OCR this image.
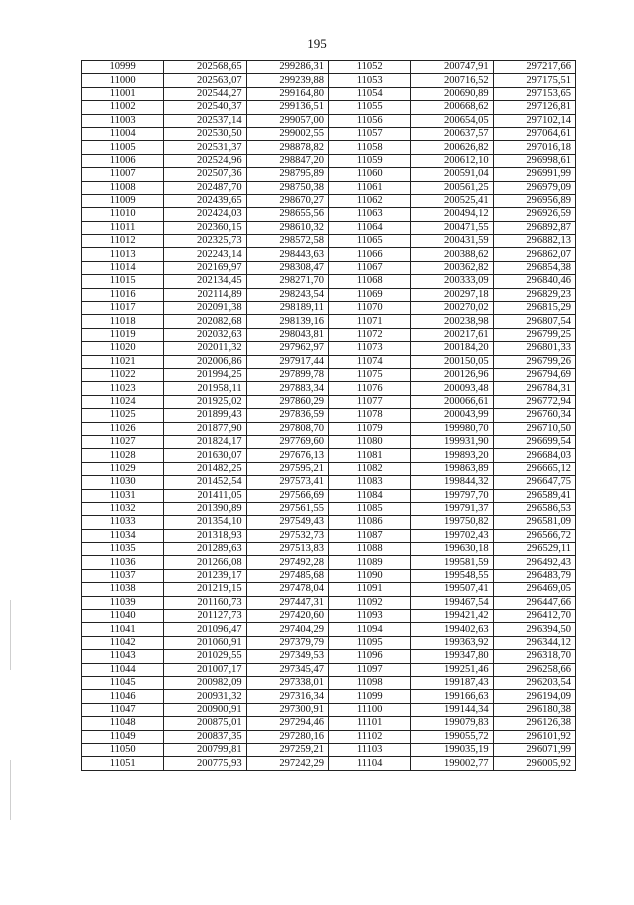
195
10999	202568,65	299286,31	11052	200747,91	297217,66
11000	202563,07	299239,88	11053	200716,52	297175,51
11001	202544,27	299164,80	11054	200690,89	297153,65
11002	202540,37	299136,51	11055	200668,62	297126,81
11003	202537,14	299057,00	11056	200654,05	297102,14
11004	202530,50	299002,55	11057	200637,57	297064,61
11005	202531,37	298878,82	11058	200626,82	297016,18
11006	202524,96	298847,20	11059	200612,10	296998,61
11007	202507,36	298795,89	11060	200591,04	296991,99
11008	202487,70	298750,38	11061	200561,25	296979,09
11009	202439,65	298670,27	11062	200525,41	296956,89
11010	202424,03	298655,56	11063	200494,12	296926,59
11011	202360,15	298610,32	11064	200471,55	296892,87
11012	202325,73	298572,58	11065	200431,59	296882,13
11013	202243,14	298443,63	11066	200388,62	296862,07
11014	202169,97	298308,47	11067	200362,82	296854,38
11015	202134,45	298271,70	11068	200333,09	296840,46
11016	202114,89	298243,54	11069	200297,18	296829,23
11017	202091,38	298189,11	11070	200270,02	296815,29
11018	202082,68	298139,16	11071	200238,98	296807,54
11019	202032,63	298043,81	11072	200217,61	296799,25
11020	202011,32	297962,97	11073	200184,20	296801,33
11021	202006,86	297917,44	11074	200150,05	296799,26
11022	201994,25	297899,78	11075	200126,96	296794,69
11023	201958,11	297883,34	11076	200093,48	296784,31
11024	201925,02	297860,29	11077	200066,61	296772,94
11025	201899,43	297836,59	11078	200043,99	296760,34
11026	201877,90	297808,70	11079	199980,70	296710,50
11027	201824,17	297769,60	11080	199931,90	296699,54
11028	201630,07	297676,13	11081	199893,20	296684,03
11029	201482,25	297595,21	11082	199863,89	296665,12
11030	201452,54	297573,41	11083	199844,32	296647,75
11031	201411,05	297566,69	11084	199797,70	296589,41
11032	201390,89	297561,55	11085	199791,37	296586,53
11033	201354,10	297549,43	11086	199750,82	296581,09
11034	201318,93	297532,73	11087	199702,43	296566,72
11035	201289,63	297513,83	11088	199630,18	296529,11
11036	201266,08	297492,28	11089	199581,59	296492,43
11037	201239,17	297485,68	11090	199548,55	296483,79
11038	201219,15	297478,04	11091	199507,41	296469,05
11039	201160,73	297447,31	11092	199467,54	296447,66
11040	201127,73	297420,60	11093	199421,42	296412,70
11041	201096,47	297404,29	11094	199402,63	296394,50
11042	201060,91	297379,79	11095	199363,92	296344,12
11043	201029,55	297349,53	11096	199347,80	296318,70
11044	201007,17	297345,47	11097	199251,46	296258,66
11045	200982,09	297338,01	11098	199187,43	296203,54
11046	200931,32	297316,34	11099	199166,63	296194,09
11047	200900,91	297300,91	11100	199144,34	296180,38
11048	200875,01	297294,46	11101	199079,83	296126,38
11049	200837,35	297280,16	11102	199055,72	296101,92
11050	200799,81	297259,21	11103	199035,19	296071,99
11051	200775,93	297242,29	11104	199002,77	296005,92
